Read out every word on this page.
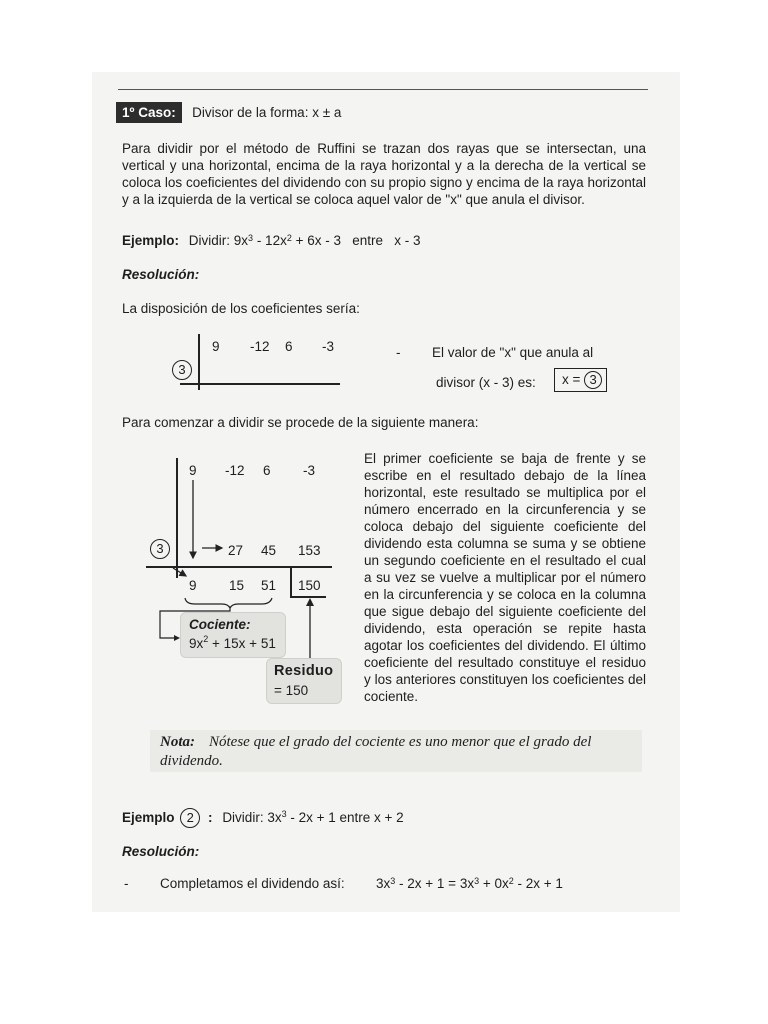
1º Caso: Divisor de la forma: x ± a
Para dividir por el método de Ruffini se trazan dos rayas que se intersectan, una vertical y una horizontal, encima de la raya horizontal y a la derecha de la vertical se coloca los coeficientes del dividendo con su propio signo y encima de la raya horizontal y a la izquierda de la vertical se coloca aquel valor de "x" que anula el divisor.
Ejemplo: Dividir: $9x^3 - 12x^2 + 6x - 3$   entre   x - 3
Resolución:
La disposición de los coeficientes sería:
9 -12 6 -3
3
- El valor de "x" que anula al
divisor (x - 3) es:	x = 3
Para comenzar a dividir se procede de la siguiente manera:
9 -12 6 -3
3	27 45 153
9 15 51 150
Cociente:
$9x^2 + 15x + 51$
Residuo
= 150
El primer coeficiente se baja de frente y se escribe en el resultado debajo de la línea horizontal, este resultado se multiplica por el número encerrado en la circunferencia y se coloca debajo del siguiente coeficiente del dividendo esta columna se suma y se obtiene un segundo coeficiente en el resultado el cual a su vez se vuelve a multiplicar por el número en la circunferencia y se coloca en la columna que sigue debajo del siguiente coeficiente del dividendo, esta operación se repite hasta agotar los coeficientes del dividendo. El último coeficiente del resultado constituye el residuo y los anteriores constituyen los coeficientes del cociente.
Nota: Nótese que el grado del cociente es uno menor que el grado del dividendo.
Ejemplo 2 : Dividir: $3x^3 - 2x + 1$ entre x + 2
Resolución:
- Completamos el dividendo así: $3x^3 - 2x + 1 = 3x^3 + 0x^2 - 2x + 1$
